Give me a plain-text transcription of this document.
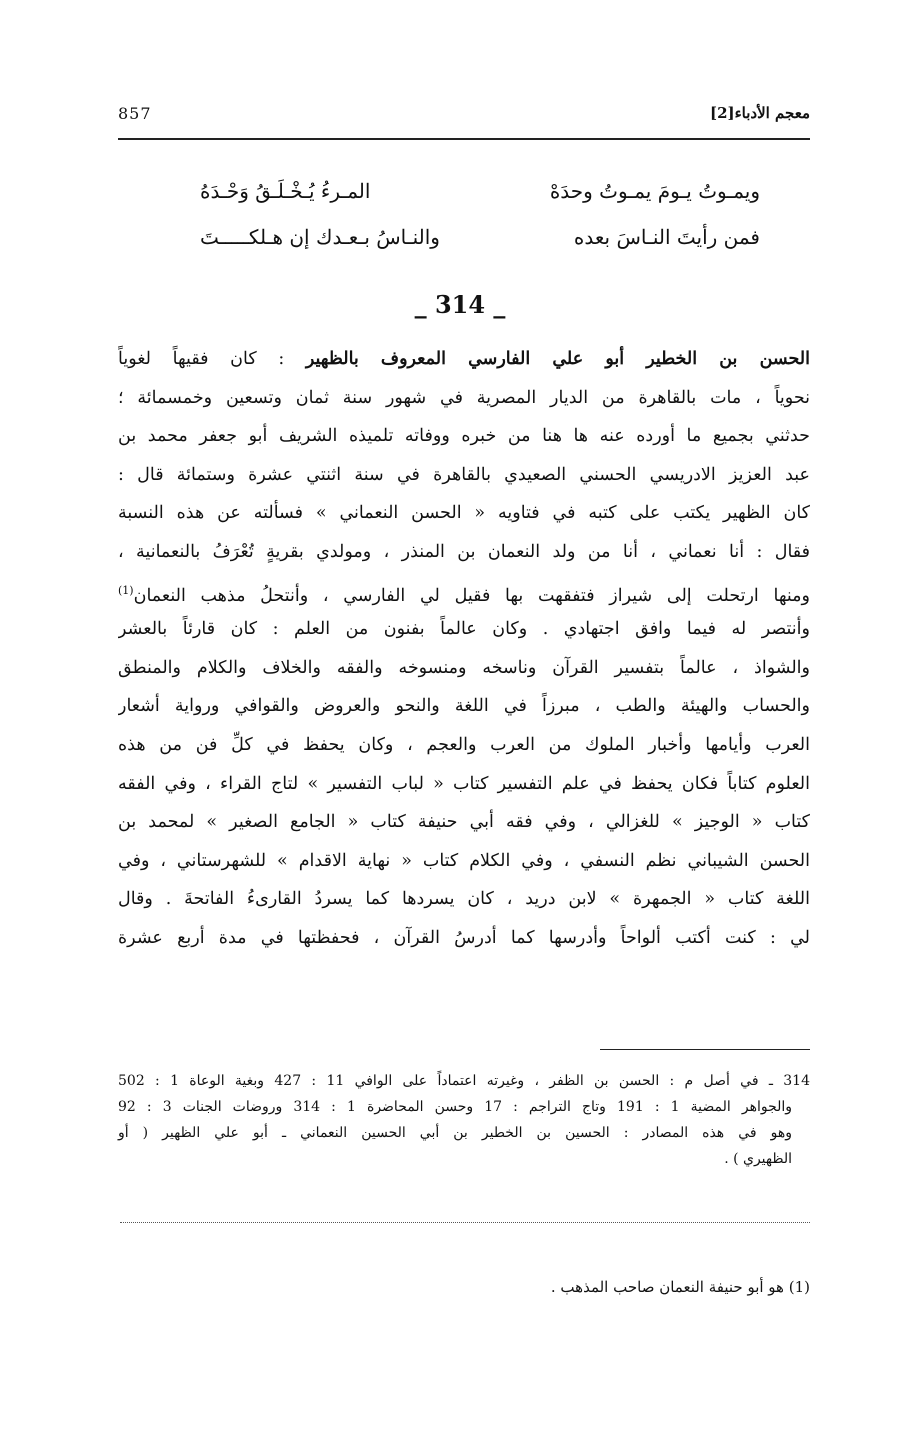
معجم الأدباء[2]
857
ويمـوتُ يـومَ يمـوتُ وحدَهْ
المـرءُ يُـخْـلَـقُ وَحْـدَهُ
فمن رأيتَ النـاسَ بعده
والنـاسُ بـعـدك إن هـلكـــــتَ
_ 314 _
الحسن بن الخطير أبو علي الفارسي المعروف بالظهير : كان فقيهاً لغوياً
نحوياً ، مات بالقاهرة من الديار المصرية في شهور سنة ثمان وتسعين وخمسمائة ؛
حدثني بجميع ما أورده عنه ها هنا من خبره ووفاته تلميذه الشريف أبو جعفر محمد بن
عبد العزيز الادريسي الحسني الصعيدي بالقاهرة في سنة اثنتي عشرة وستمائة قال :
كان الظهير يكتب على كتبه في فتاويه « الحسن النعماني » فسألته عن هذه النسبة
فقال : أنا نعماني ، أنا من ولد النعمان بن المنذر ، ومولدي بقريةٍ تُعْرَفُ بالنعمانية ،
ومنها ارتحلت إلى شيراز فتفقهت بها فقيل لي الفارسي ، وأنتحلُ مذهب النعمان$^{(1)}$
وأنتصر له فيما وافق اجتهادي . وكان عالماً بفنون من العلم : كان قارئاً بالعشر
والشواذ ، عالماً بتفسير القرآن وناسخه ومنسوخه والفقه والخلاف والكلام والمنطق
والحساب والهيئة والطب ، مبرزاً في اللغة والنحو والعروض والقوافي ورواية أشعار
العرب وأيامها وأخبار الملوك من العرب والعجم ، وكان يحفظ في كلِّ فن من هذه
العلوم كتاباً فكان يحفظ في علم التفسير كتاب « لباب التفسير » لتاج القراء ، وفي الفقه
كتاب « الوجيز » للغزالي ، وفي فقه أبي حنيفة كتاب « الجامع الصغير » لمحمد بن
الحسن الشيباني نظم النسفي ، وفي الكلام كتاب « نهاية الاقدام » للشهرستاني ، وفي
اللغة كتاب « الجمهرة » لابن دريد ، كان يسردها كما يسردُ القارىءُ الفاتحةَ . وقال
لي : كنت أكتب ألواحاً وأدرسها كما أدرسُ القرآن ، فحفظتها في مدة أربع عشرة
314 ـ في أصل م : الحسن بن الظفر ، وغيرته اعتماداً على الوافي 11 : 427 وبغية الوعاة 1 : 502
والجواهر المضية 1 : 191 وتاج التراجم : 17 وحسن المحاضرة 1 : 314 وروضات الجنات 3 : 92
وهو في هذه المصادر : الحسين بن الخطير بن أبي الحسين النعماني ـ أبو علي الظهير ( أو
الظهيري ) .
(1) هو أبو حنيفة النعمان صاحب المذهب .
